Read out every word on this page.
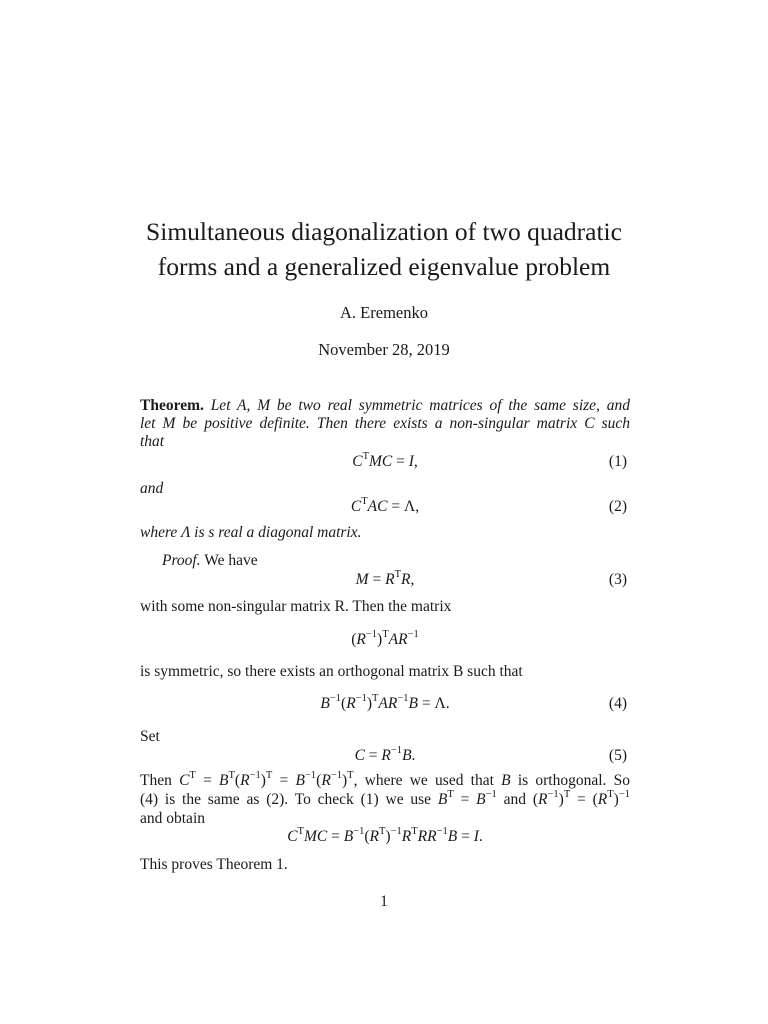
Simultaneous diagonalization of two quadratic
forms and a generalized eigenvalue problem
A. Eremenko
November 28, 2019
Theorem. Let A, M be two real symmetric matrices of the same size, and
let M be positive definite. Then there exists a non-singular matrix C such
that
$C^TMC = I$,	(1)
and
$C^TAC = \Lambda$,	(2)
where Λ is s real a diagonal matrix.
Proof. We have
$M = R^TR$,	(3)
with some non-singular matrix R. Then the matrix
$(R^{-1})^TAR^{-1}$
is symmetric, so there exists an orthogonal matrix B such that
$B^{-1}(R^{-1})^TAR^{-1}B = \Lambda$.	(4)
Set
$C = R^{-1}B$.	(5)
Then $C^T = B^T(R^{-1})^T = B^{-1}(R^{-1})^T$, where we used that B is orthogonal. So
(4) is the same as (2). To check (1) we use $B^T = B^{-1}$ and $(R^{-1})^T = (R^T)^{-1}$
and obtain
$C^TMC = B^{-1}(R^T)^{-1}R^TRR^{-1}B = I$.
This proves Theorem 1.
1
